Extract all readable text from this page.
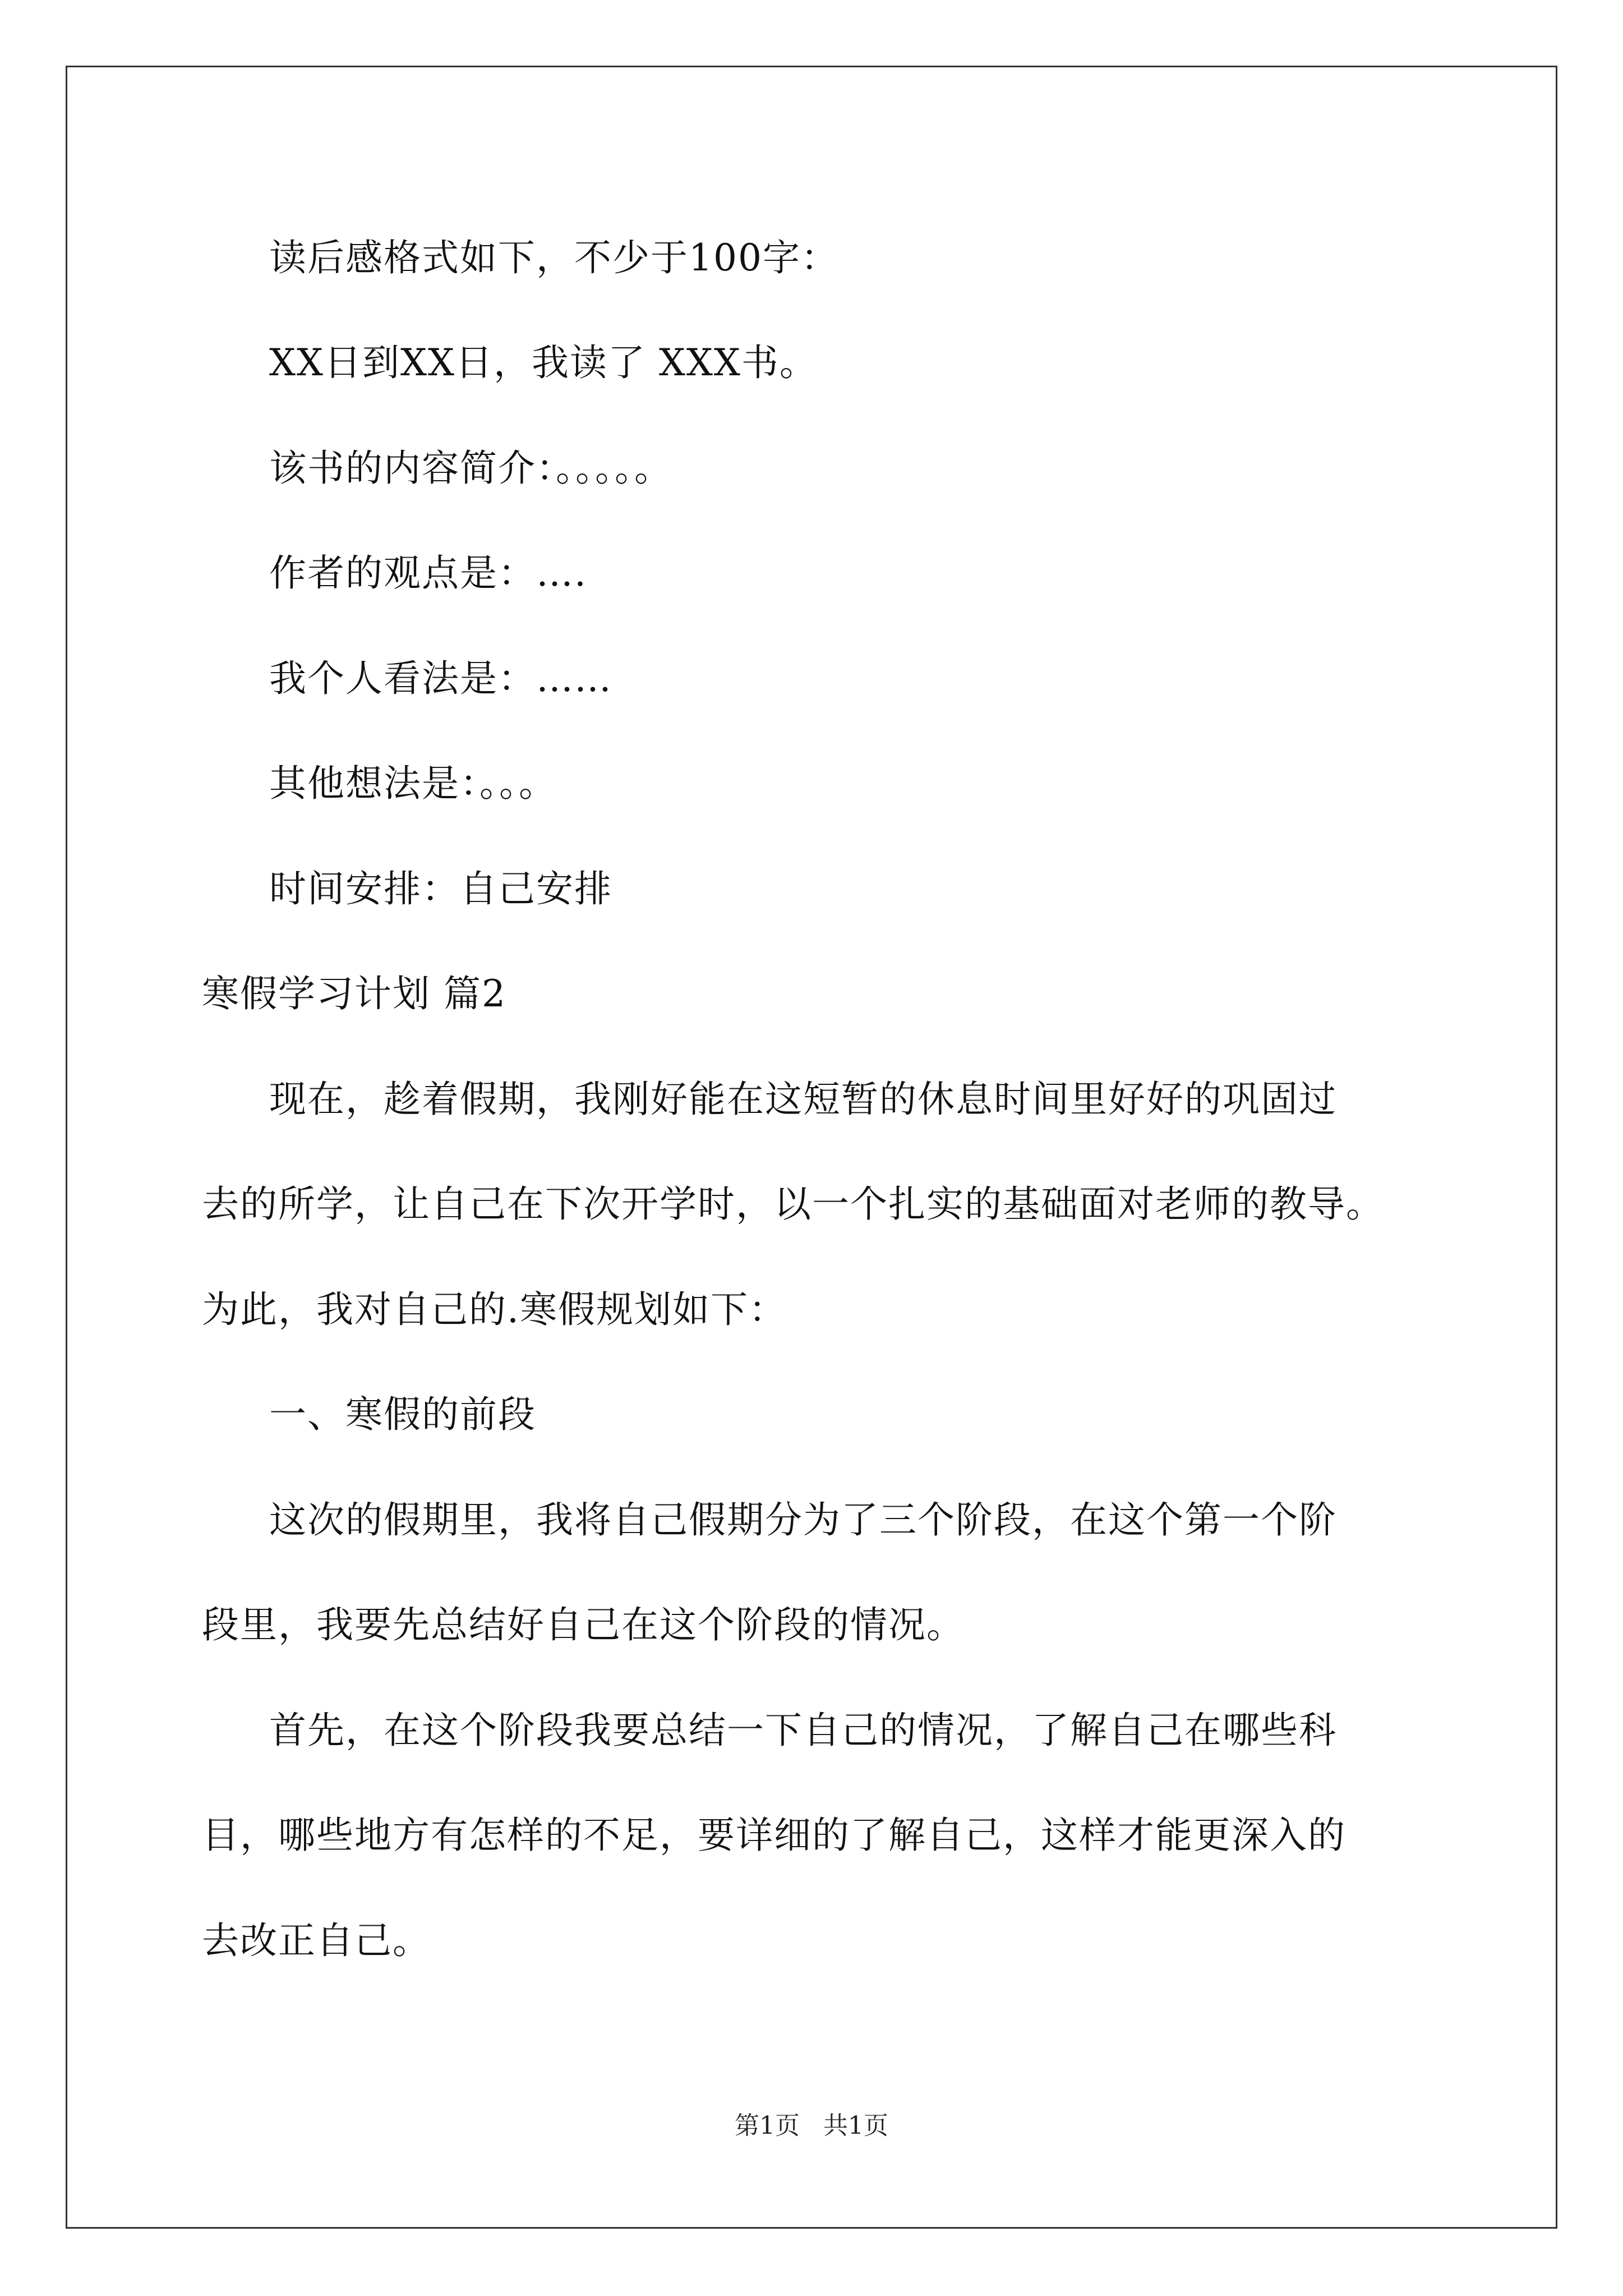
读后感格式如下，不少于100字：
XX日到XX日，我读了 XXX书。
该书的内容简介：。。。。。
作者的观点是：….
我个人看法是：……
其他想法是：。。。
时间安排：自己安排
寒假学习计划 篇2
现在，趁着假期，我刚好能在这短暂的休息时间里好好的巩固过
去的所学，让自己在下次开学时，以一个扎实的基础面对老师的教导。
为此，我对自己的.寒假规划如下：
一、寒假的前段
这次的假期里，我将自己假期分为了三个阶段，在这个第一个阶
段里，我要先总结好自己在这个阶段的情况。
首先，在这个阶段我要总结一下自己的情况，了解自己在哪些科
目，哪些地方有怎样的不足，要详细的了解自己，这样才能更深入的
去改正自己。
第1页   共1页
